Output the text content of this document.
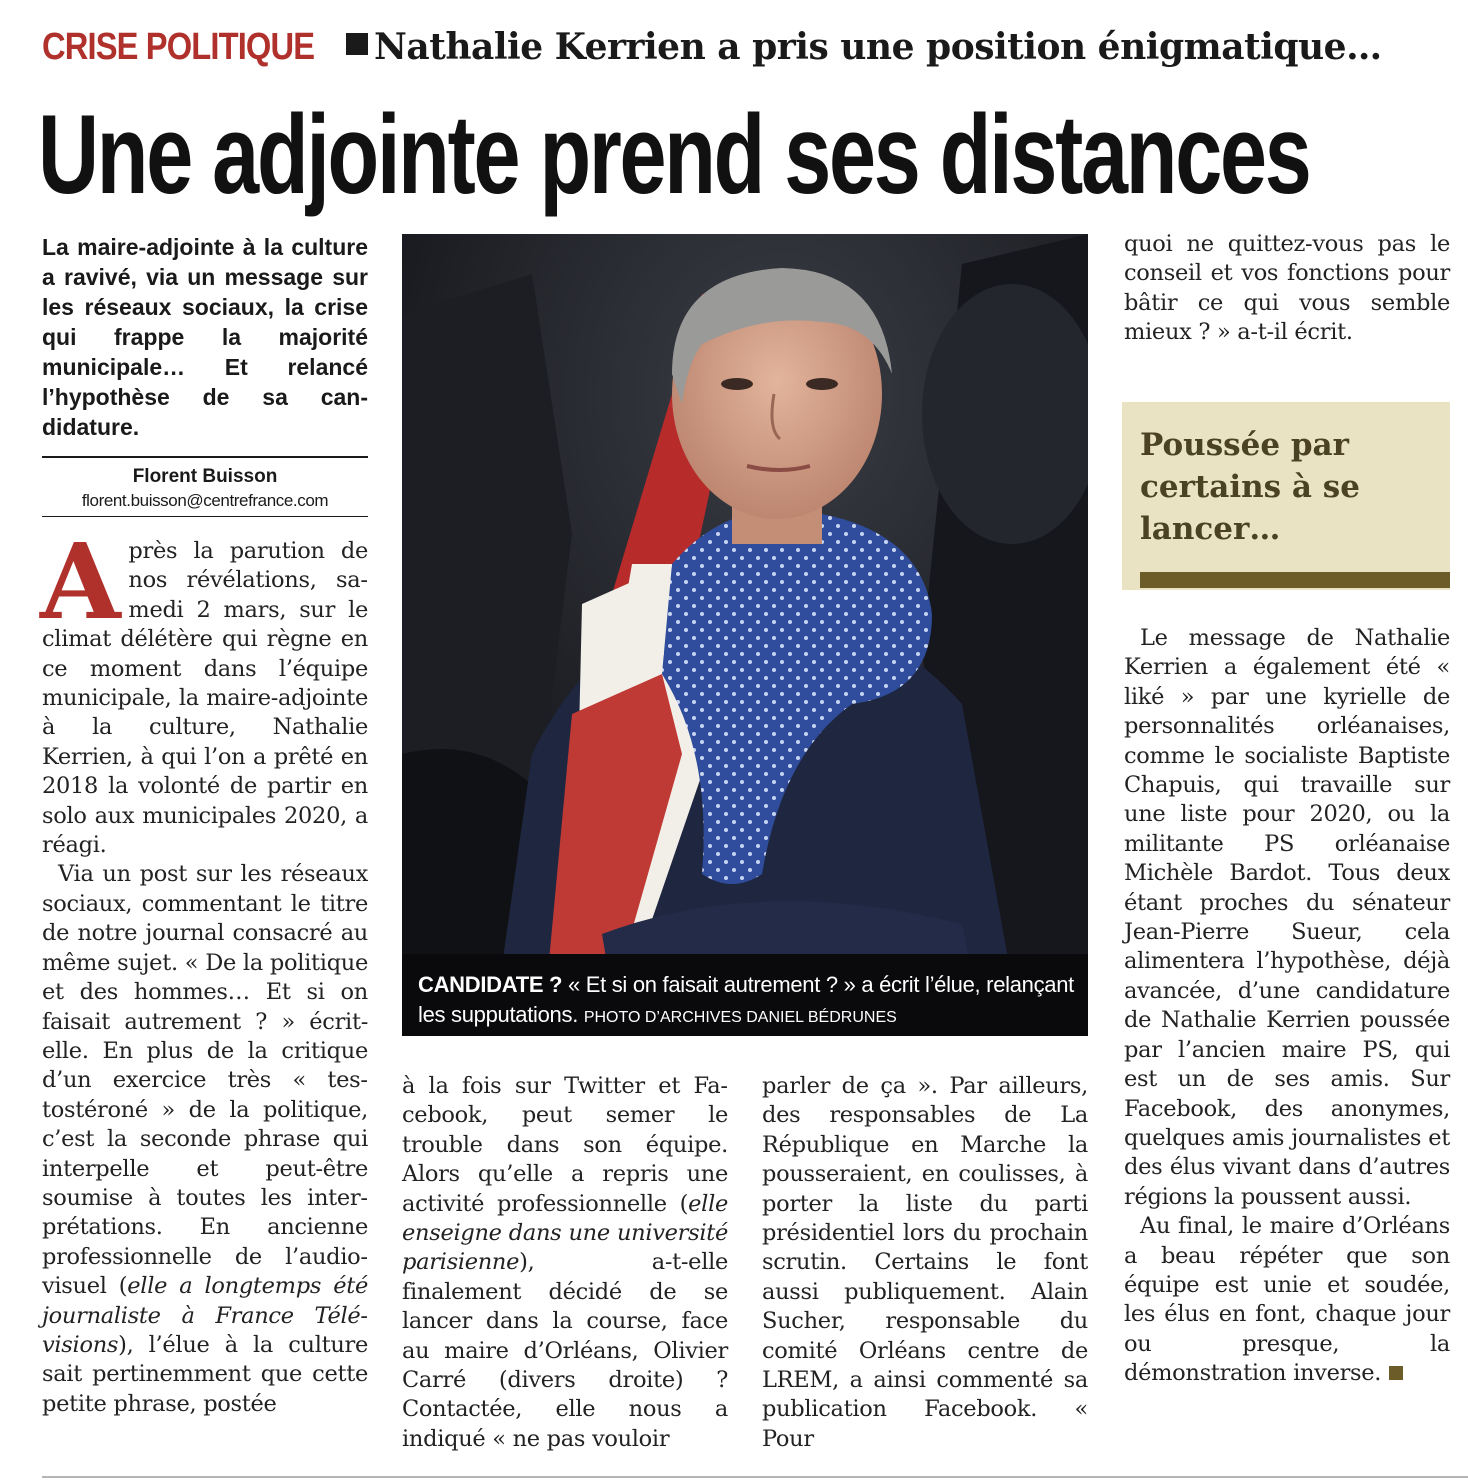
CRISE POLITIQUE Nathalie Kerrien a pris une position énigmatique…
Une adjointe prend ses distances
La maire-adjointe à la culture a ravivé, via un message sur les réseaux sociaux, la crise qui frappe la majorité municipale… Et relancé l’hypothèse de sa candidature.
Florent Buisson
florent.buisson@centrefrance.com

Après la parution de nos révélations, samedi 2 mars, sur le climat délétère qui règne en ce moment dans l’équipe municipale, la maire-adjointe à la culture, Nathalie Kerrien, à qui l’on a prêté en 2018 la volonté de partir en solo aux municipales 2020, a réagi.

Via un post sur les réseaux sociaux, commentant le titre de notre journal consacré au même sujet. « De la politique et des hommes… Et si on faisait autrement ? » écrit-elle. En plus de la critique d’un exercice très « testostéroné » de la politique, c’est la seconde phrase qui interpelle et peut-être soumise à toutes les interprétations. En ancienne professionnelle de l’audiovisuel (elle a longtemps été journaliste à France Télévisions), l’élue à la culture sait pertinemment que cette petite phrase, postée

CANDIDATE ? « Et si on faisait autrement ? » a écrit l’élue, relançant les supputations. PHOTO D’ARCHIVES DANIEL BÉDRUNES

à la fois sur Twitter et Facebook, peut semer le trouble dans son équipe. Alors qu’elle a repris une activité professionnelle (elle enseigne dans une université parisienne), a-t-elle finalement décidé de se lancer dans la course, face au maire d’Orléans, Olivier Carré (divers droite) ? Contactée, elle nous a indiqué « ne pas vouloir

parler de ça ». Par ailleurs, des responsables de La République en Marche la pousseraient, en coulisses, à porter la liste du parti présidentiel lors du prochain scrutin. Certains le font aussi publiquement. Alain Sucher, responsable du comité Orléans centre de LREM, a ainsi commenté sa publication Facebook. « Pour

quoi ne quittez-vous pas le conseil et vos fonctions pour bâtir ce qui vous semble mieux ? » a-t-il écrit.

Poussée par certains à se lancer…

Le message de Nathalie Kerrien a également été « liké » par une kyrielle de personnalités orléanaises, comme le socialiste Baptiste Chapuis, qui travaille sur une liste pour 2020, ou la militante PS orléanaise Michèle Bardot. Tous deux étant proches du sénateur Jean-Pierre Sueur, cela alimentera l’hypothèse, déjà avancée, d’une candidature de Nathalie Kerrien poussée par l’ancien maire PS, qui est un de ses amis. Sur Facebook, des anonymes, quelques amis journalistes et des élus vivant dans d’autres régions la poussent aussi.

Au final, le maire d’Orléans a beau répéter que son équipe est unie et soudée, les élus en font, chaque jour ou presque, la démonstration inverse.
